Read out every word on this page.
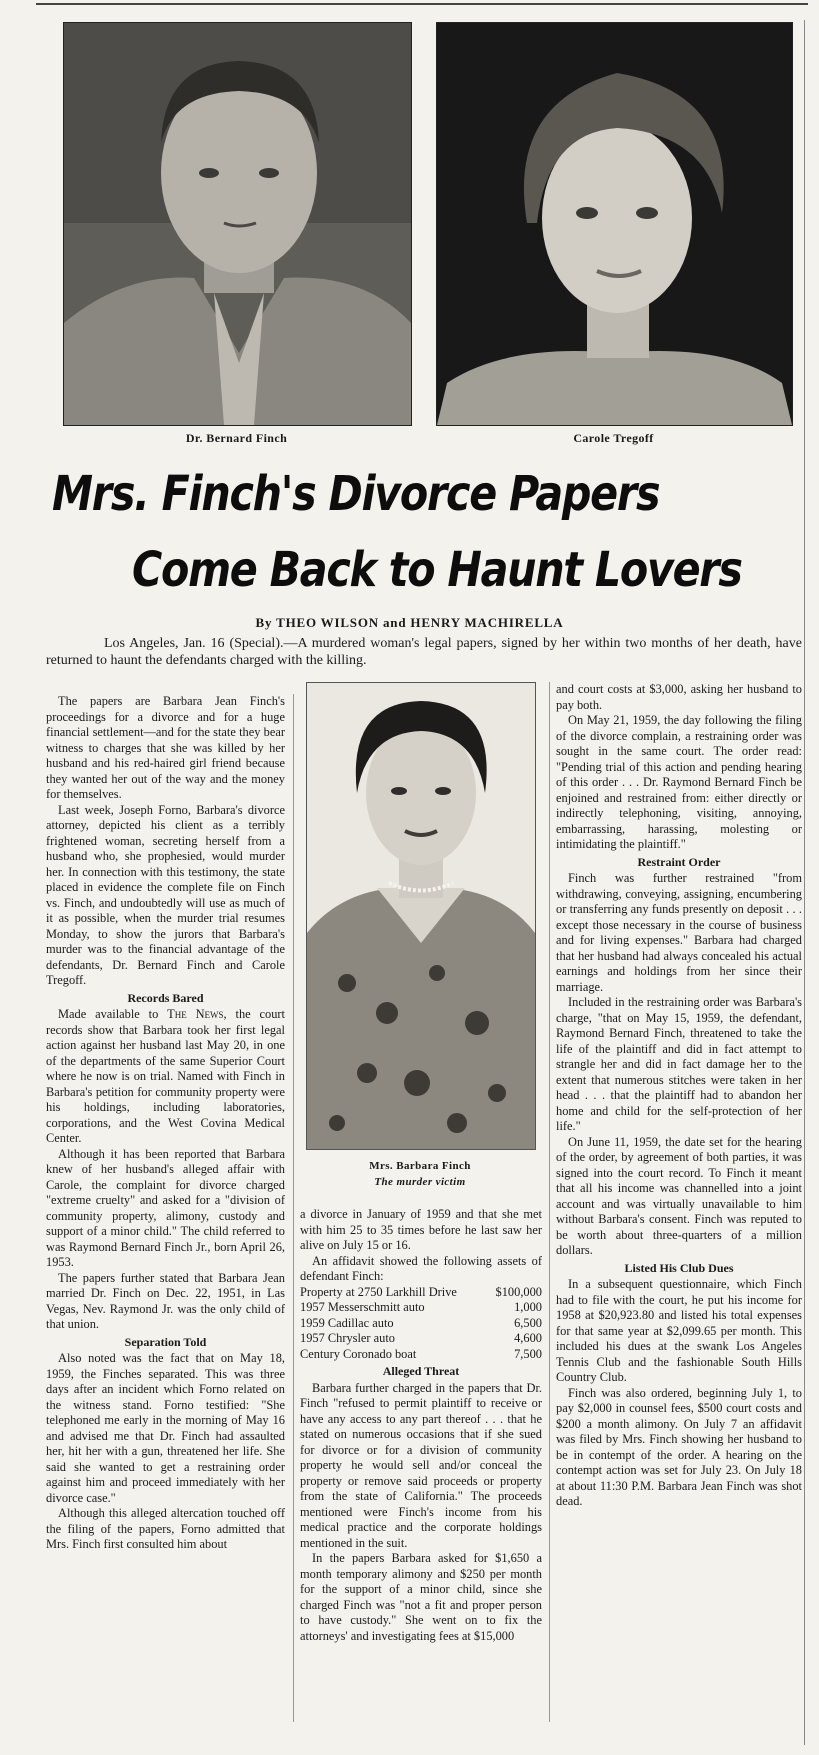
Dr. Bernard Finch	Carole Tregoff
Mrs. Finch's Divorce Papers
Come Back to Haunt Lovers
By THEO WILSON and HENRY MACHIRELLA

Los Angeles, Jan. 16 (Special).—A murdered woman's legal papers, signed by her within two months of her death, have returned to haunt the defendants charged with the killing.

The papers are Barbara Jean Finch's proceedings for a divorce and for a huge financial settlement—and for the state they bear witness to charges that she was killed by her husband and his red-haired girl friend because they wanted her out of the way and the money for themselves.

Last week, Joseph Forno, Barbara's divorce attorney, depicted his client as a terribly frightened woman, secreting herself from a husband who, she prophesied, would murder her. In connection with this testimony, the state placed in evidence the complete file on Finch vs. Finch, and undoubtedly will use as much of it as possible, when the murder trial resumes Monday, to show the jurors that Barbara's murder was to the financial advantage of the defendants, Dr. Bernard Finch and Carole Tregoff.

Records Bared

Made available to The News, the court records show that Barbara took her first legal action against her husband last May 20, in one of the departments of the same Superior Court where he now is on trial. Named with Finch in Barbara's petition for community property were his holdings, including laboratories, corporations, and the West Covina Medical Center.

Although it has been reported that Barbara knew of her husband's alleged affair with Carole, the complaint for divorce charged "extreme cruelty" and asked for a "division of community property, alimony, custody and support of a minor child." The child referred to was Raymond Bernard Finch Jr., born April 26, 1953.

The papers further stated that Barbara Jean married Dr. Finch on Dec. 22, 1951, in Las Vegas, Nev. Raymond Jr. was the only child of that union.

Separation Told

Also noted was the fact that on May 18, 1959, the Finches separated. This was three days after an incident which Forno related on the witness stand. Forno testified: "She telephoned me early in the morning of May 16 and advised me that Dr. Finch had assaulted her, hit her with a gun, threatened her life. She said she wanted to get a restraining order against him and proceed immediately with her divorce case."

Although this alleged altercation touched off the filing of the papers, Forno admitted that Mrs. Finch first consulted him about

Mrs. Barbara Finch
The murder victim

a divorce in January of 1959 and that she met with him 25 to 35 times before he last saw her alive on July 15 or 16.

An affidavit showed the following assets of defendant Finch:

Property at 2750 Larkhill Drive	$100,000
1957 Messerschmitt auto	1,000
1959 Cadillac auto	6,500
1957 Chrysler auto	4,600
Century Coronado boat	7,500
Alleged Threat

Barbara further charged in the papers that Dr. Finch "refused to permit plaintiff to receive or have any access to any part thereof . . . that he stated on numerous occasions that if she sued for divorce or for a division of community property he would sell and/or conceal the property or remove said proceeds or property from the state of California." The proceeds mentioned were Finch's income from his medical practice and the corporate holdings mentioned in the suit.

In the papers Barbara asked for $1,650 a month temporary alimony and $250 per month for the support of a minor child, since she charged Finch was "not a fit and proper person to have custody." She went on to fix the attorneys' and investigating fees at $15,000

and court costs at $3,000, asking her husband to pay both.

On May 21, 1959, the day following the filing of the divorce complain, a restraining order was sought in the same court. The order read: "Pending trial of this action and pending hearing of this order . . . Dr. Raymond Bernard Finch be enjoined and restrained from: either directly or indirectly telephoning, visiting, annoying, embarrassing, harassing, molesting or intimidating the plaintiff."

Restraint Order

Finch was further restrained "from withdrawing, conveying, assigning, encumbering or transferring any funds presently on deposit . . . except those necessary in the course of business and for living expenses." Barbara had charged that her husband had always concealed his actual earnings and holdings from her since their marriage.

Included in the restraining order was Barbara's charge, "that on May 15, 1959, the defendant, Raymond Bernard Finch, threatened to take the life of the plaintiff and did in fact attempt to strangle her and did in fact damage her to the extent that numerous stitches were taken in her head . . . that the plaintiff had to abandon her home and child for the self-protection of her life."

On June 11, 1959, the date set for the hearing of the order, by agreement of both parties, it was signed into the court record. To Finch it meant that all his income was channelled into a joint account and was virtually unavailable to him without Barbara's consent. Finch was reputed to be worth about three-quarters of a million dollars.

Listed His Club Dues

In a subsequent questionnaire, which Finch had to file with the court, he put his income for 1958 at $20,923.80 and listed his total expenses for that same year at $2,099.65 per month. This included his dues at the swank Los Angeles Tennis Club and the fashionable South Hills Country Club.

Finch was also ordered, beginning July 1, to pay $2,000 in counsel fees, $500 court costs and $200 a month alimony. On July 7 an affidavit was filed by Mrs. Finch showing her husband to be in contempt of the order. A hearing on the contempt action was set for July 23. On July 18 at about 11:30 P.M. Barbara Jean Finch was shot dead.
